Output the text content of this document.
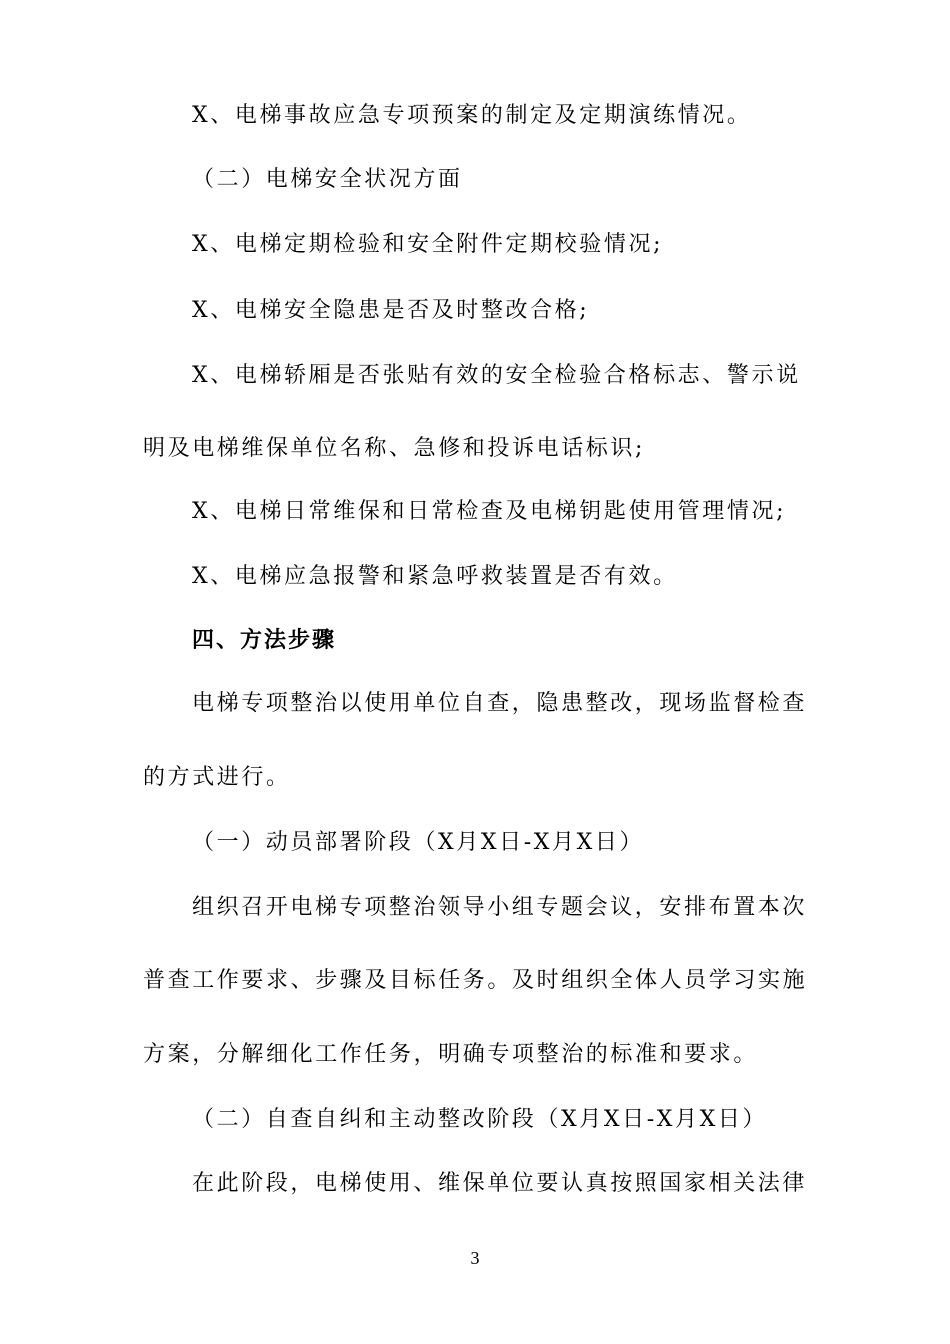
X、电梯事故应急专项预案的制定及定期演练情况。
（二）电梯安全状况方面
X、电梯定期检验和安全附件定期校验情况;
X、电梯安全隐患是否及时整改合格;
X、电梯轿厢是否张贴有效的安全检验合格标志、警示说
明及电梯维保单位名称、急修和投诉电话标识;
X、电梯日常维保和日常检查及电梯钥匙使用管理情况;
X、电梯应急报警和紧急呼救装置是否有效。
四、方法步骤
电梯专项整治以使用单位自查，隐患整改，现场监督检查
的方式进行。
（一）动员部署阶段（X月X日-X月X日）
组织召开电梯专项整治领导小组专题会议，安排布置本次
普查工作要求、步骤及目标任务。及时组织全体人员学习实施
方案，分解细化工作任务，明确专项整治的标准和要求。
（二）自查自纠和主动整改阶段（X月X日-X月X日）
在此阶段，电梯使用、维保单位要认真按照国家相关法律
3
